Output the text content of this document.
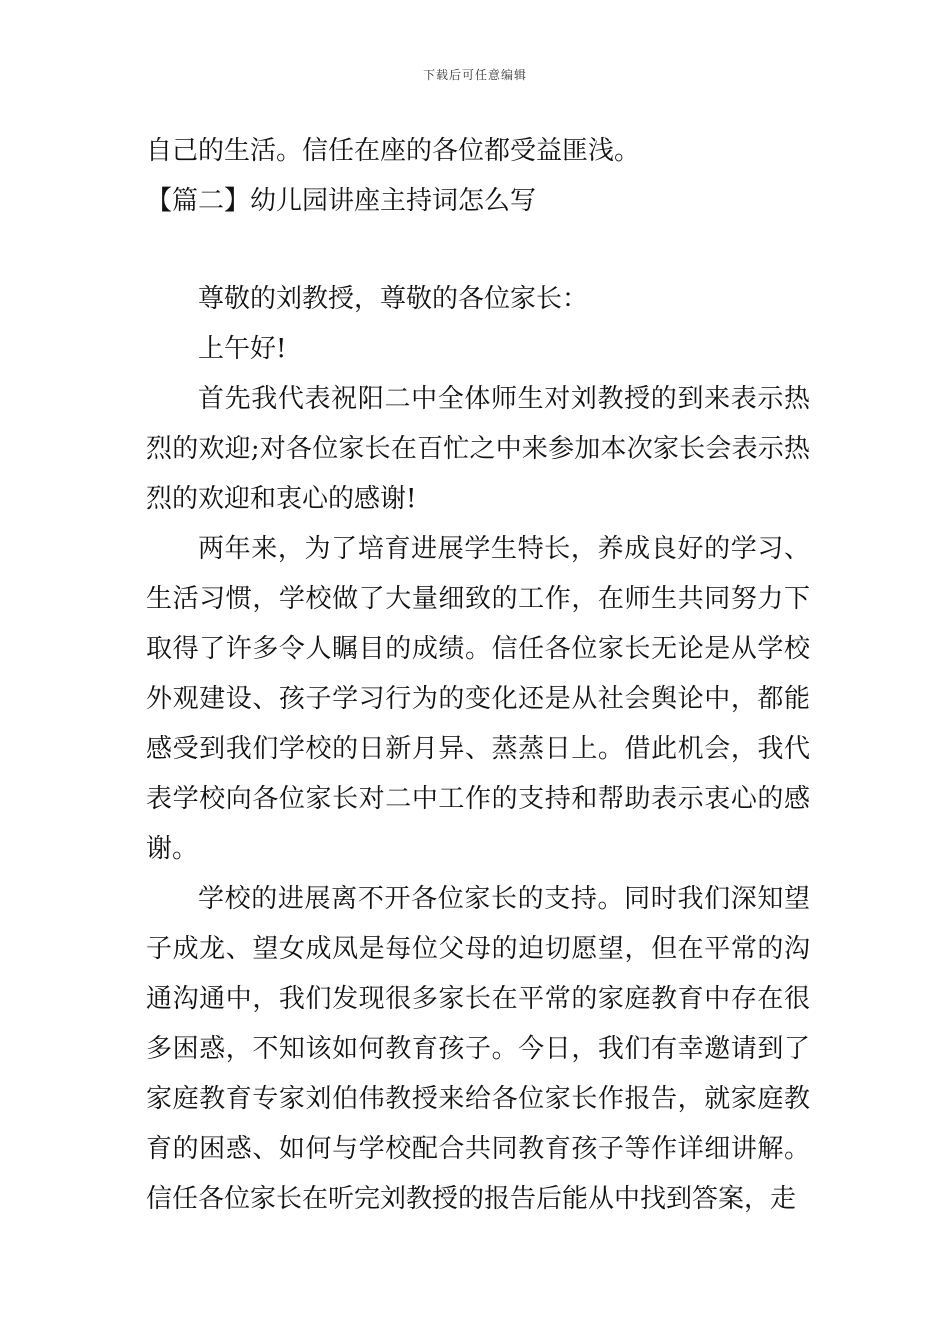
下载后可任意编辑

自己的生活。信任在座的各位都受益匪浅。

【篇二】幼儿园讲座主持词怎么写

尊敬的刘教授，尊敬的各位家长：

上午好!

首先我代表祝阳二中全体师生对刘教授的到来表示热烈的欢迎;对各位家长在百忙之中来参加本次家长会表示热烈的欢迎和衷心的感谢!

两年来，为了培育进展学生特长，养成良好的学习、生活习惯，学校做了大量细致的工作，在师生共同努力下取得了许多令人瞩目的成绩。信任各位家长无论是从学校外观建设、孩子学习行为的变化还是从社会舆论中，都能感受到我们学校的日新月异、蒸蒸日上。借此机会，我代表学校向各位家长对二中工作的支持和帮助表示衷心的感谢。

学校的进展离不开各位家长的支持。同时我们深知望子成龙、望女成凤是每位父母的迫切愿望，但在平常的沟通沟通中，我们发现很多家长在平常的家庭教育中存在很多困惑，不知该如何教育孩子。今日，我们有幸邀请到了家庭教育专家刘伯伟教授来给各位家长作报告，就家庭教育的困惑、如何与学校配合共同教育孩子等作详细讲解。信任各位家长在听完刘教授的报告后能从中找到答案，走
